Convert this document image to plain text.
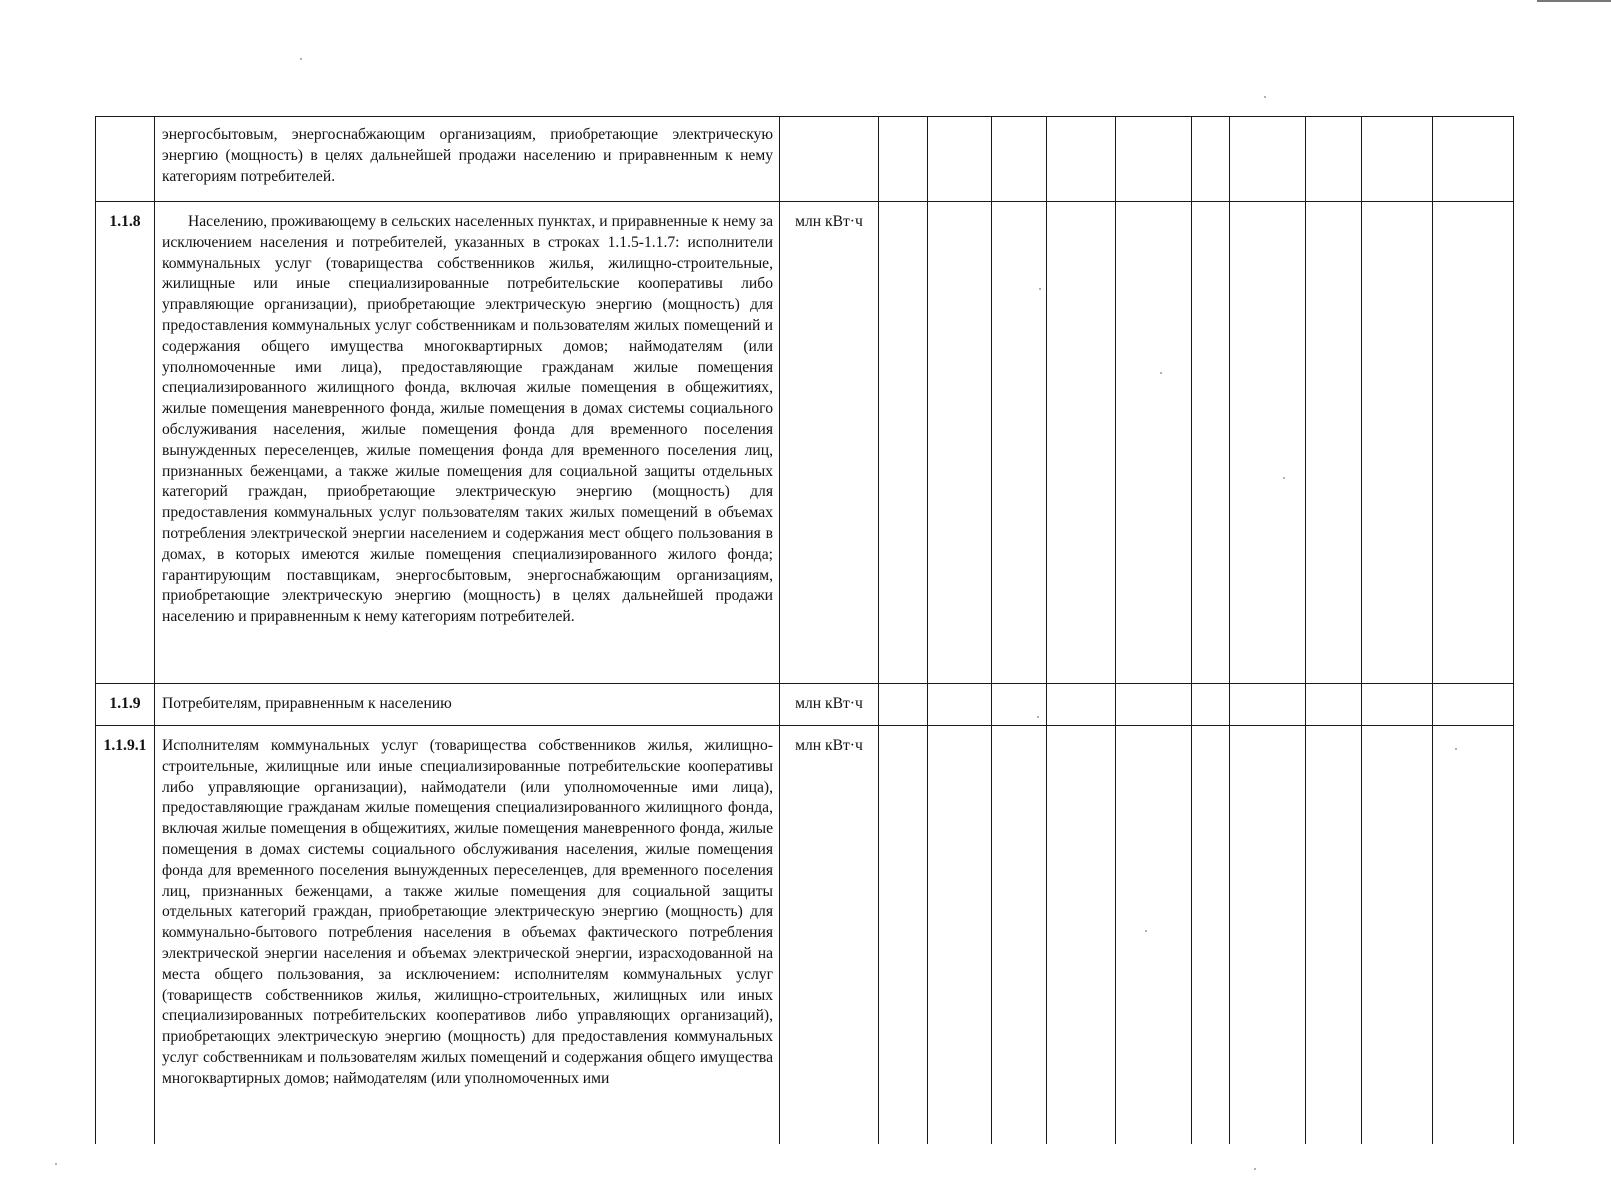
	энергосбытовым, энергоснабжающим организациям, приобретающие электрическую энергию (мощность) в целях дальнейшей продажи населению и приравненным к нему категориям потребителей.											
1.1.8	Населению, проживающему в сельских населенных пунктах, и приравненные к нему за исключением населения и потребителей, указанных в строках 1.1.5-1.1.7: исполнители коммунальных услуг (товарищества собственников жилья, жилищно-строительные, жилищные или иные специализированные потребительские кооперативы либо управляющие организации), приобретающие электрическую энергию (мощность) для предоставления коммунальных услуг собственникам и пользователям жилых помещений и содержания общего имущества многоквартирных домов; наймодателям (или уполномоченные ими лица), предоставляющие гражданам жилые помещения специализированного жилищного фонда, включая жилые помещения в общежитиях, жилые помещения маневренного фонда, жилые помещения в домах системы социального обслуживания населения, жилые помещения фонда для временного поселения вынужденных переселенцев, жилые помещения фонда для временного поселения лиц, признанных беженцами, а также жилые помещения для социальной защиты отдельных категорий граждан, приобретающие электрическую энергию (мощность) для предоставления коммунальных услуг пользователям таких жилых помещений в объемах потребления электрической энергии населением и содержания мест общего пользования в домах, в которых имеются жилые помещения специализированного жилого фонда; гарантирующим поставщикам, энергосбытовым, энергоснабжающим организациям, приобретающие электрическую энергию (мощность) в целях дальнейшей продажи населению и приравненным к нему категориям потребителей.	млн кВт·ч										
1.1.9	Потребителям, приравненным к населению	млн кВт·ч										
1.1.9.1	Исполнителям коммунальных услуг (товарищества собственников жилья, жилищно-строительные, жилищные или иные специализированные потребительские кооперативы либо управляющие организации), наймодатели (или уполномоченные ими лица), предоставляющие гражданам жилые помещения специализированного жилищного фонда, включая жилые помещения в общежитиях, жилые помещения маневренного фонда, жилые помещения в домах системы социального обслуживания населения, жилые помещения фонда для временного поселения вынужденных переселенцев, для временного поселения лиц, признанных беженцами, а также жилые помещения для социальной защиты отдельных категорий граждан, приобретающие электрическую энергию (мощность) для коммунально-бытового потребления населения в объемах фактического потребления электрической энергии населения и объемах электрической энергии, израсходованной на места общего пользования, за исключением: исполнителям коммунальных услуг (товариществ собственников жилья, жилищно-строительных, жилищных или иных специализированных потребительских кооперативов либо управляющих организаций), приобретающих электрическую энергию (мощность) для предоставления коммунальных услуг собственникам и пользователям жилых помещений и содержания общего имущества многоквартирных домов; наймодателям (или уполномоченных ими	млн кВт·ч										
